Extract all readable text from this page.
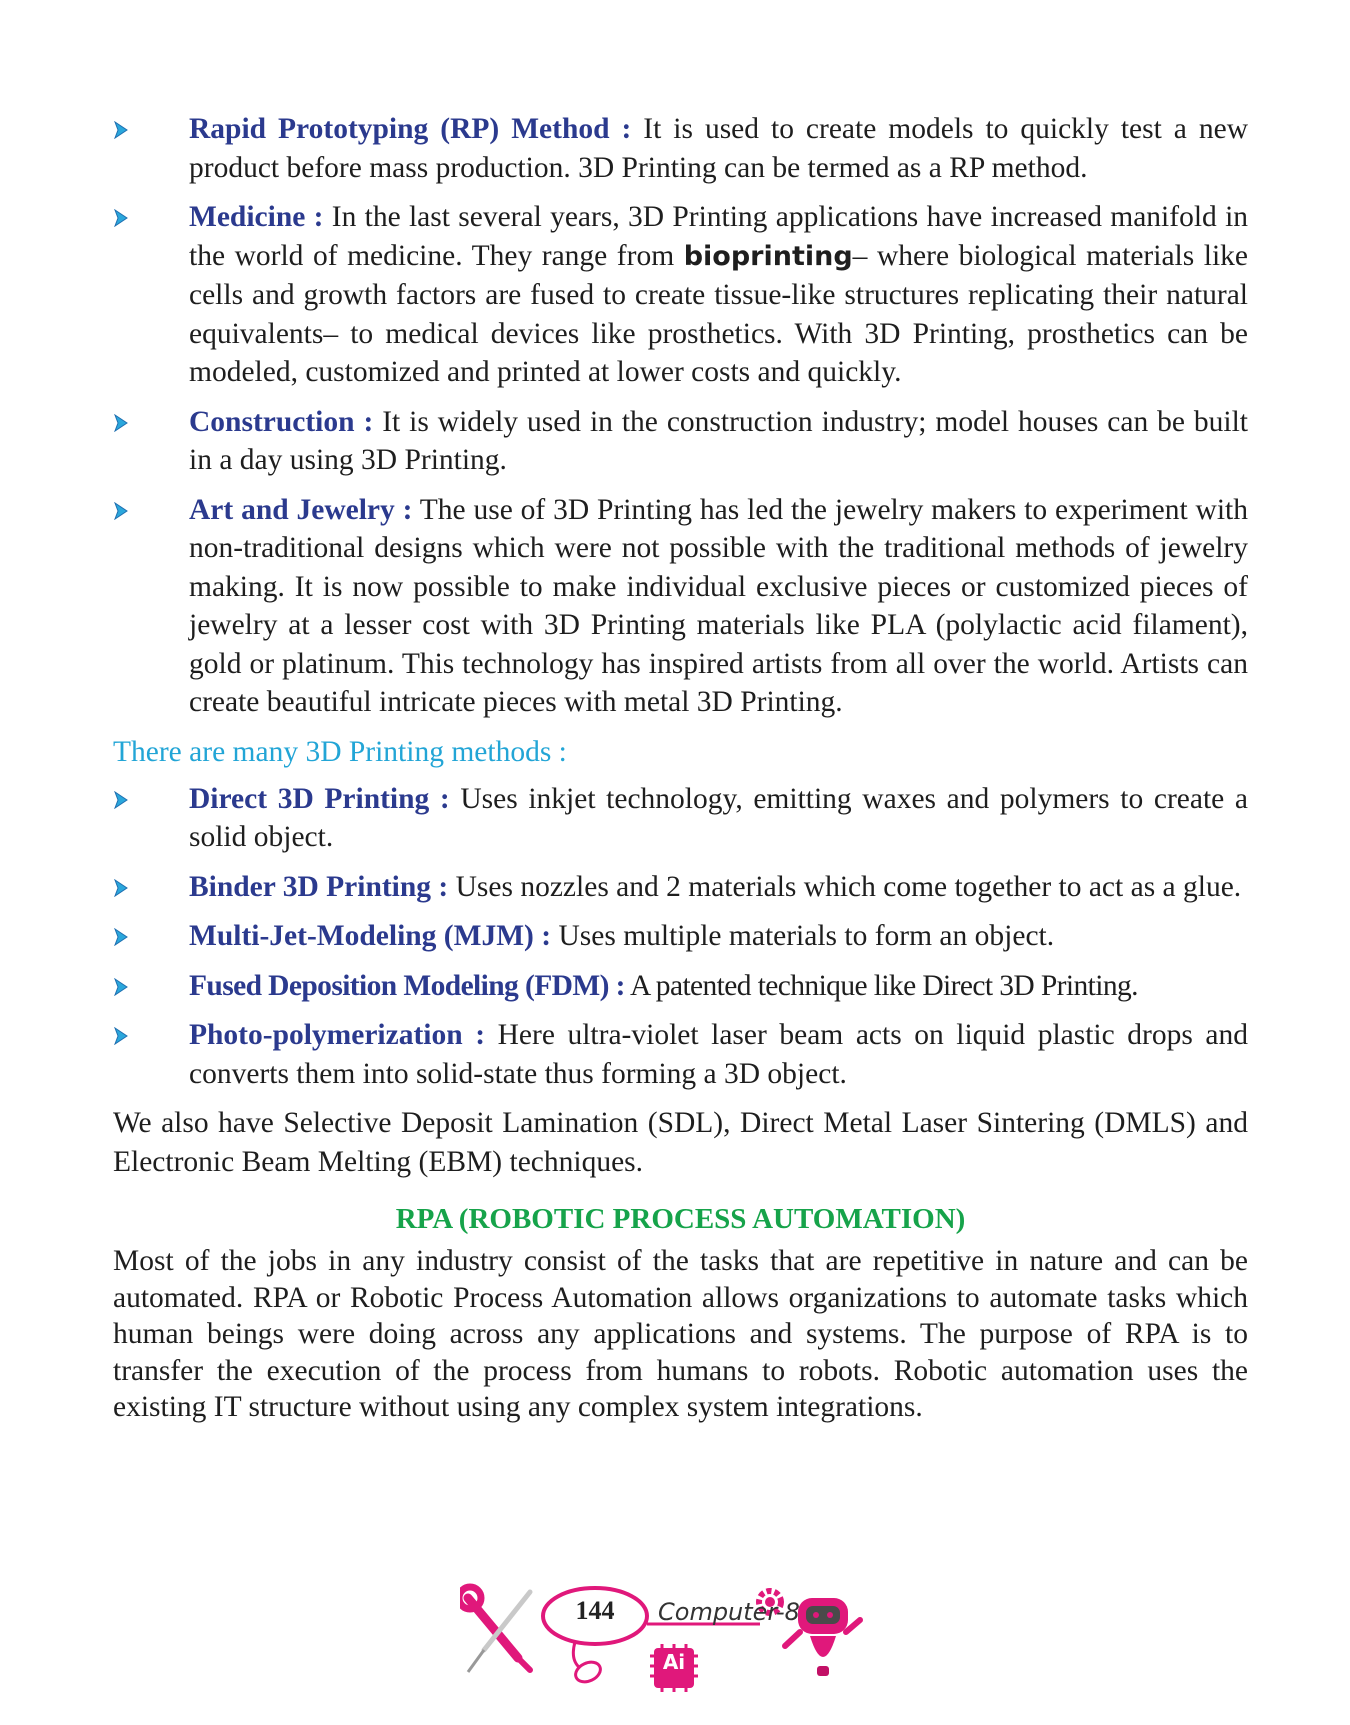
Rapid Prototyping (RP) Method : It is used to create models to quickly test a new product before mass production. 3D Printing can be termed as a RP method.
Medicine : In the last several years, 3D Printing applications have increased manifold in the world of medicine. They range from bioprinting– where biological materials like cells and growth factors are fused to create tissue-like structures replicating their natural equivalents– to medical devices like prosthetics. With 3D Printing, prosthetics can be modeled, customized and printed at lower costs and quickly.
Construction : It is widely used in the construction industry; model houses can be built in a day using 3D Printing.
Art and Jewelry : The use of 3D Printing has led the jewelry makers to experiment with non-traditional designs which were not possible with the traditional methods of jewelry making. It is now possible to make individual exclusive pieces or customized pieces of jewelry at a lesser cost with 3D Printing materials like PLA (polylactic acid filament), gold or platinum. This technology has inspired artists from all over the world. Artists can create beautiful intricate pieces with metal 3D Printing.
There are many 3D Printing methods :
Direct 3D Printing : Uses inkjet technology, emitting waxes and polymers to create a solid object.
Binder 3D Printing : Uses nozzles and 2 materials which come together to act as a glue.
Multi-Jet-Modeling (MJM) : Uses multiple materials to form an object.
Fused Deposition Modeling (FDM) : A patented technique like Direct 3D Printing.
Photo-polymerization : Here ultra-violet laser beam acts on liquid plastic drops and converts them into solid-state thus forming a 3D object.

We also have Selective Deposit Lamination (SDL), Direct Metal Laser Sintering (DMLS) and Electronic Beam Melting (EBM) techniques.

RPA (ROBOTIC PROCESS AUTOMATION)

Most of the jobs in any industry consist of the tasks that are repetitive in nature and can be automated. RPA or Robotic Process Automation allows organizations to automate tasks which human beings were doing across any applications and systems. The purpose of RPA is to transfer the execution of the process from humans to robots. Robotic automation uses the existing IT structure without using any complex system integrations.

144	Computer-8
Ai
